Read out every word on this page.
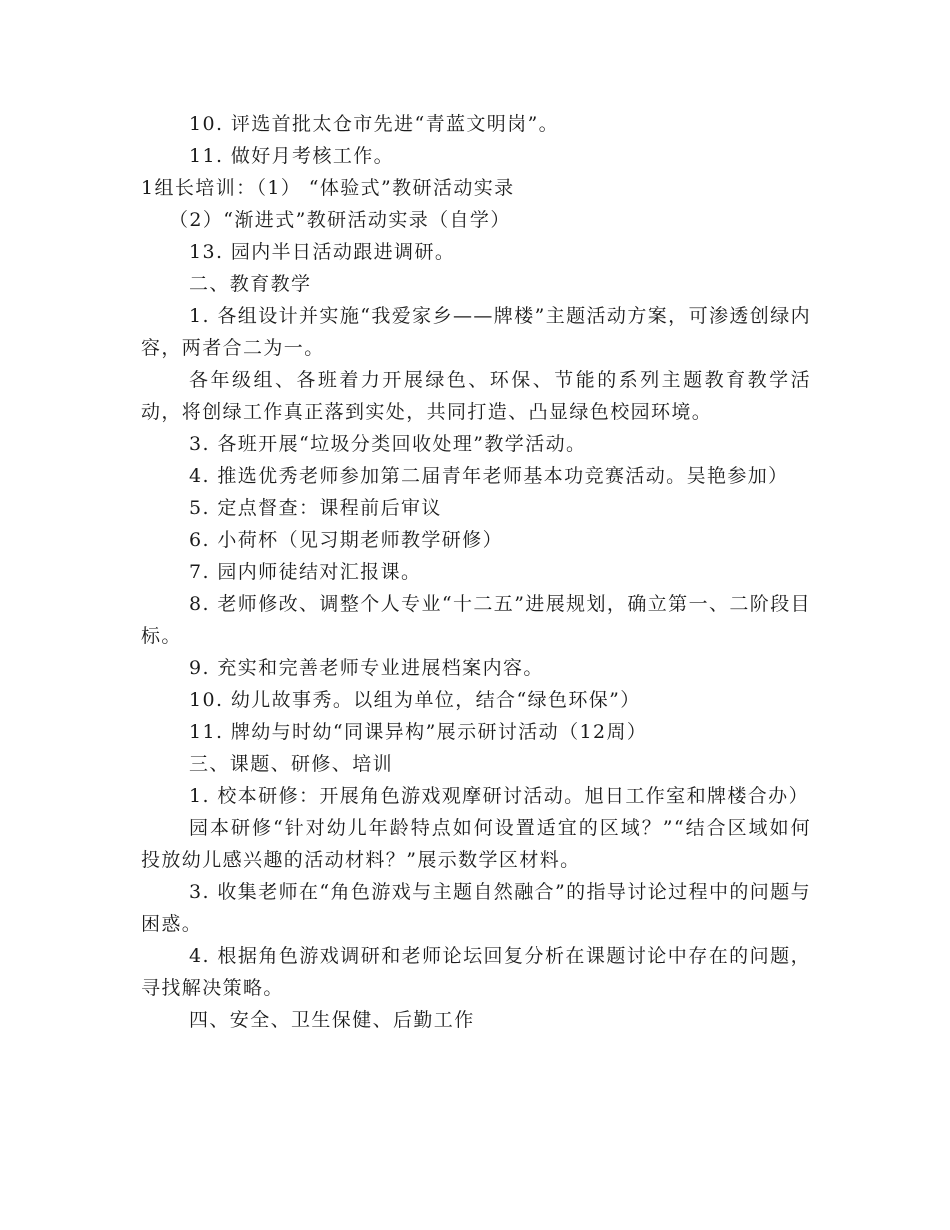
10. 评选首批太仓市先进“青蓝文明岗”。

11. 做好月考核工作。

1组长培训：（1） “体验式”教研活动实录

（2）“渐进式”教研活动实录（自学）

13. 园内半日活动跟进调研。

二、教育教学

1. 各组设计并实施“我爱家乡——牌楼”主题活动方案，可渗透创绿内容，两者合二为一。

各年级组、各班着力开展绿色、环保、节能的系列主题教育教学活动，将创绿工作真正落到实处，共同打造、凸显绿色校园环境。

3. 各班开展“垃圾分类回收处理”教学活动。

4. 推选优秀老师参加第二届青年老师基本功竞赛活动。吴艳参加）

5. 定点督查：课程前后审议

6. 小荷杯（见习期老师教学研修）

7. 园内师徒结对汇报课。

8. 老师修改、调整个人专业“十二五”进展规划，确立第一、二阶段目标。

9. 充实和完善老师专业进展档案内容。

10. 幼儿故事秀。以组为单位，结合“绿色环保”）

11. 牌幼与时幼“同课异构”展示研讨活动（12周）

三、课题、研修、培训

1. 校本研修：开展角色游戏观摩研讨活动。旭日工作室和牌楼合办）

园本研修“针对幼儿年龄特点如何设置适宜的区域？”“结合区域如何投放幼儿感兴趣的活动材料？”展示数学区材料。

3. 收集老师在“角色游戏与主题自然融合”的指导讨论过程中的问题与困惑。

4. 根据角色游戏调研和老师论坛回复分析在课题讨论中存在的问题，寻找解决策略。

四、安全、卫生保健、后勤工作
